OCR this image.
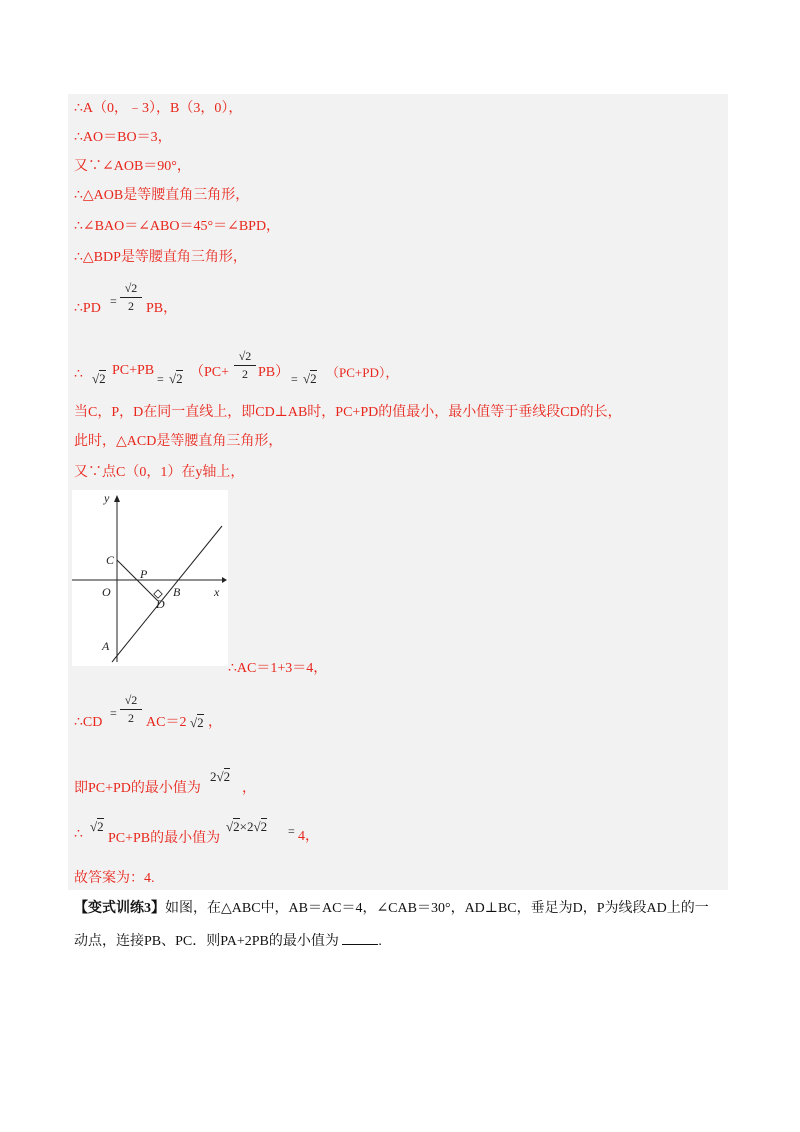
∴A（0，﹣3），B（3，0），
∴AO＝BO＝3，
又∵∠AOB＝90°，
∴△AOB是等腰直角三角形，
∴∠BAO＝∠ABO＝45°＝∠BPD，
∴△BDP是等腰直角三角形，
∴PD = $\frac{√2}{2}$ PB，
∴ √2
PC+PB
= √2 （PC+
√2
2 PB） = √2 （PC+PD），
当C，P，D在同一直线上，即CD⊥AB时，PC+PD的值最小，最小值等于垂线段CD的长，
此时，△ACD是等腰直角三角形，
又∵点C（0，1）在y轴上，
y
x
O
C
P
B
D
A
∴AC＝1+3＝4，
∴CD
=
√2
2 AC＝2 √2 ，
即PC+PD的最小值为
2√2
，
∴
√2
PC+PB的最小值为
√2×2√2 = 4，
故答案为：4.
【变式训练3】如图，在△ABC中，AB＝AC＝4，∠CAB＝30°，AD⊥BC，垂足为D，P为线段AD上的一
动点，连接PB、PC．则PA+2PB的最小值为	.
